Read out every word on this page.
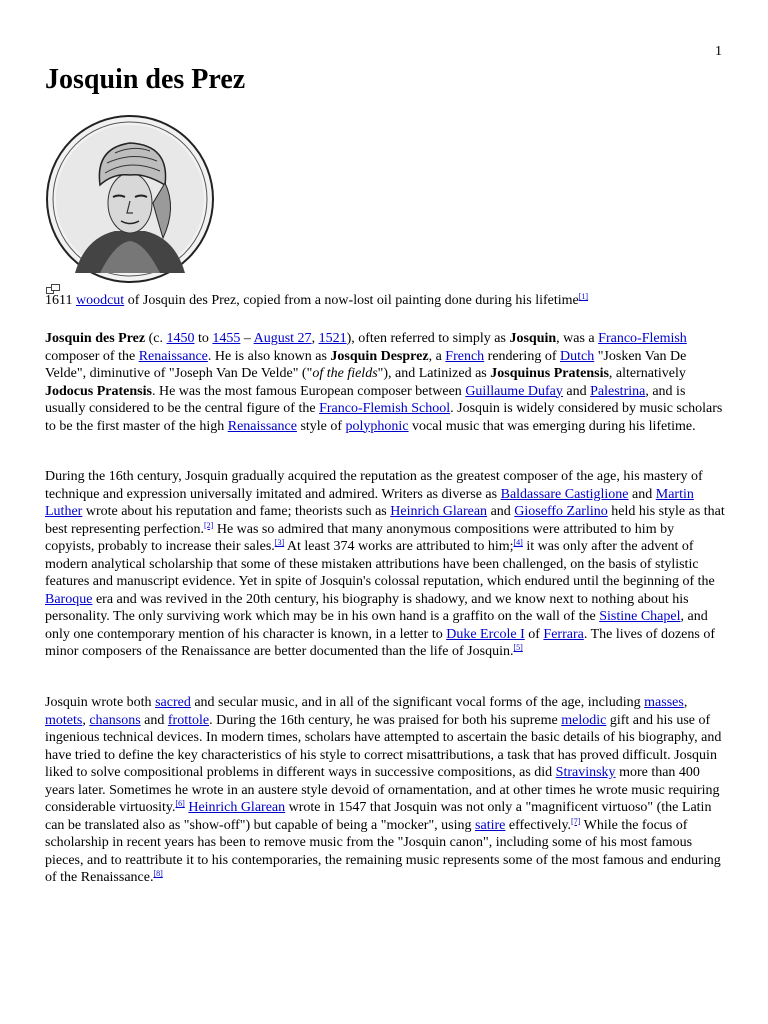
1
Josquin des Prez
1611 woodcut of Josquin des Prez, copied from a now-lost oil painting done during his lifetime[1]

Josquin des Prez (c. 1450 to 1455 – August 27, 1521), often referred to simply as Josquin, was a Franco-Flemish composer of the Renaissance. He is also known as Josquin Desprez, a French rendering of Dutch "Josken Van De Velde", diminutive of "Joseph Van De Velde" ("of the fields"), and Latinized as Josquinus Pratensis, alternatively Jodocus Pratensis. He was the most famous European composer between Guillaume Dufay and Palestrina, and is usually considered to be the central figure of the Franco-Flemish School. Josquin is widely considered by music scholars to be the first master of the high Renaissance style of polyphonic vocal music that was emerging during his lifetime.

During the 16th century, Josquin gradually acquired the reputation as the greatest composer of the age, his mastery of technique and expression universally imitated and admired. Writers as diverse as Baldassare Castiglione and Martin Luther wrote about his reputation and fame; theorists such as Heinrich Glarean and Gioseffo Zarlino held his style as that best representing perfection.[2] He was so admired that many anonymous compositions were attributed to him by copyists, probably to increase their sales.[3] At least 374 works are attributed to him;[4] it was only after the advent of modern analytical scholarship that some of these mistaken attributions have been challenged, on the basis of stylistic features and manuscript evidence. Yet in spite of Josquin's colossal reputation, which endured until the beginning of the Baroque era and was revived in the 20th century, his biography is shadowy, and we know next to nothing about his personality. The only surviving work which may be in his own hand is a graffito on the wall of the Sistine Chapel, and only one contemporary mention of his character is known, in a letter to Duke Ercole I of Ferrara. The lives of dozens of minor composers of the Renaissance are better documented than the life of Josquin.[5]

Josquin wrote both sacred and secular music, and in all of the significant vocal forms of the age, including masses, motets, chansons and frottole. During the 16th century, he was praised for both his supreme melodic gift and his use of ingenious technical devices. In modern times, scholars have attempted to ascertain the basic details of his biography, and have tried to define the key characteristics of his style to correct misattributions, a task that has proved difficult. Josquin liked to solve compositional problems in different ways in successive compositions, as did Stravinsky more than 400 years later. Sometimes he wrote in an austere style devoid of ornamentation, and at other times he wrote music requiring considerable virtuosity.[6] Heinrich Glarean wrote in 1547 that Josquin was not only a "magnificent virtuoso" (the Latin can be translated also as "show-off") but capable of being a "mocker", using satire effectively.[7] While the focus of scholarship in recent years has been to remove music from the "Josquin canon", including some of his most famous pieces, and to reattribute it to his contemporaries, the remaining music represents some of the most famous and enduring of the Renaissance.[8]
